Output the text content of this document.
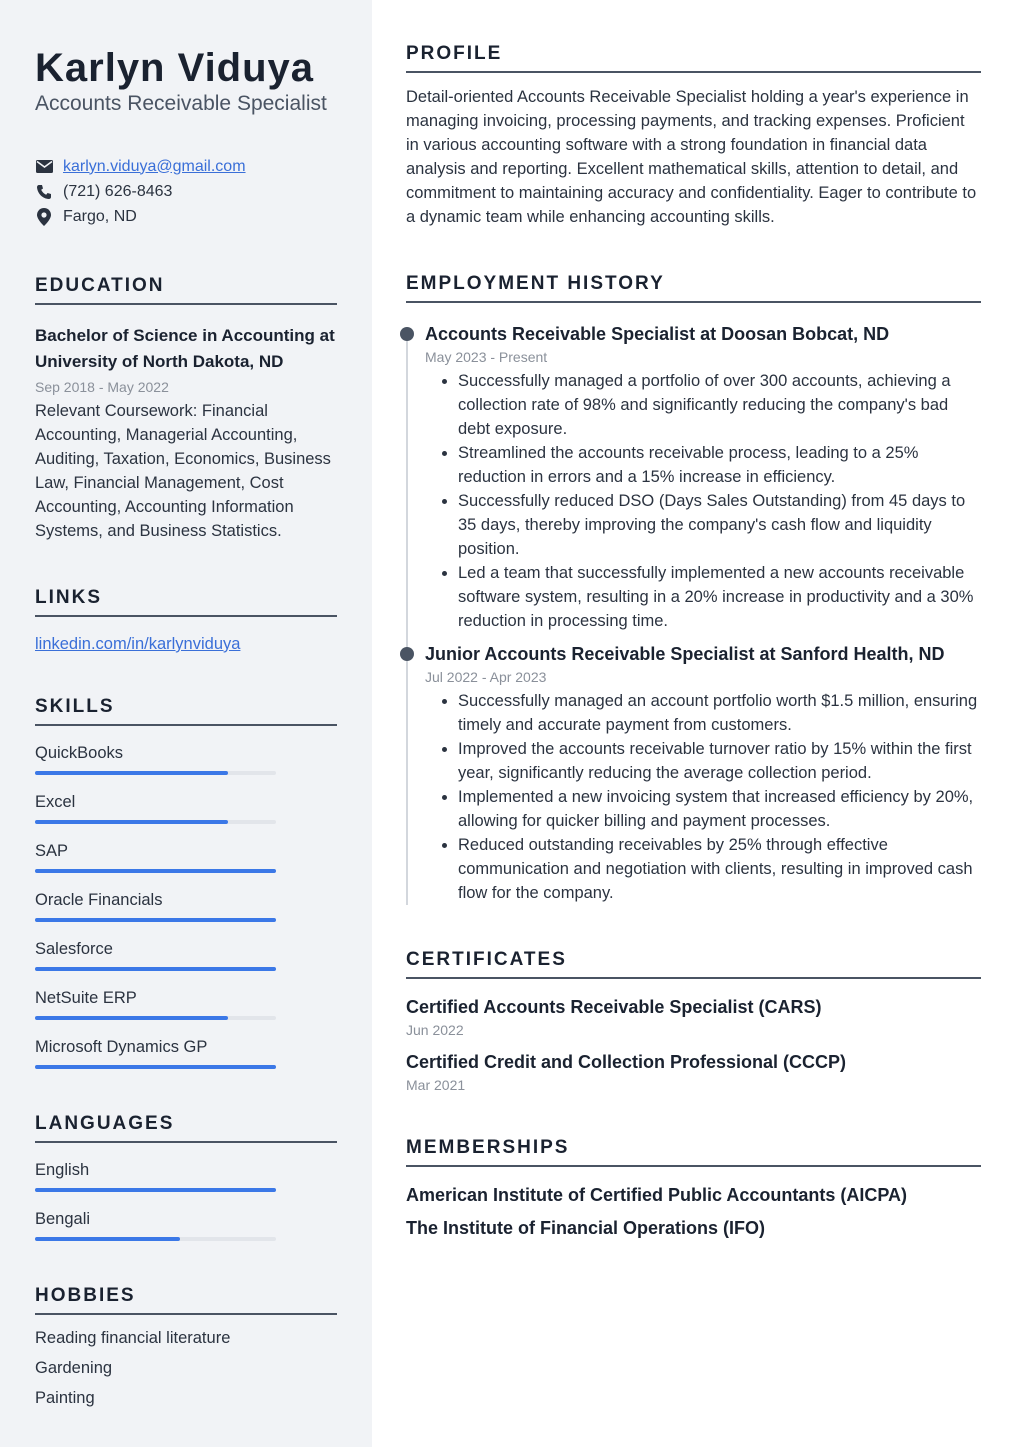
Karlyn Viduya
Accounts Receivable Specialist
karlyn.viduya@gmail.com
(721) 626-8463
Fargo, ND
EDUCATION
Bachelor of Science in Accounting at University of North Dakota, ND
Sep 2018 - May 2022
Relevant Coursework: Financial Accounting, Managerial Accounting, Auditing, Taxation, Economics, Business Law, Financial Management, Cost Accounting, Accounting Information Systems, and Business Statistics.
LINKS
linkedin.com/in/karlynviduya
SKILLS
QuickBooks
Excel
SAP
Oracle Financials
Salesforce
NetSuite ERP
Microsoft Dynamics GP
LANGUAGES
English
Bengali
HOBBIES
Reading financial literature
Gardening
Painting
PROFILE
Detail-oriented Accounts Receivable Specialist holding a year's experience in managing invoicing, processing payments, and tracking expenses. Proficient in various accounting software with a strong foundation in financial data analysis and reporting. Excellent mathematical skills, attention to detail, and commitment to maintaining accuracy and confidentiality. Eager to contribute to a dynamic team while enhancing accounting skills.
EMPLOYMENT HISTORY
Accounts Receivable Specialist at Doosan Bobcat, ND
May 2023 - Present
• Successfully managed a portfolio of over 300 accounts, achieving a collection rate of 98% and significantly reducing the company's bad debt exposure.
• Streamlined the accounts receivable process, leading to a 25% reduction in errors and a 15% increase in efficiency.
• Successfully reduced DSO (Days Sales Outstanding) from 45 days to 35 days, thereby improving the company's cash flow and liquidity position.
• Led a team that successfully implemented a new accounts receivable software system, resulting in a 20% increase in productivity and a 30% reduction in processing time.
Junior Accounts Receivable Specialist at Sanford Health, ND
Jul 2022 - Apr 2023
• Successfully managed an account portfolio worth $1.5 million, ensuring timely and accurate payment from customers.
• Improved the accounts receivable turnover ratio by 15% within the first year, significantly reducing the average collection period.
• Implemented a new invoicing system that increased efficiency by 20%, allowing for quicker billing and payment processes.
• Reduced outstanding receivables by 25% through effective communication and negotiation with clients, resulting in improved cash flow for the company.
CERTIFICATES
Certified Accounts Receivable Specialist (CARS)
Jun 2022
Certified Credit and Collection Professional (CCCP)
Mar 2021
MEMBERSHIPS
American Institute of Certified Public Accountants (AICPA)
The Institute of Financial Operations (IFO)
